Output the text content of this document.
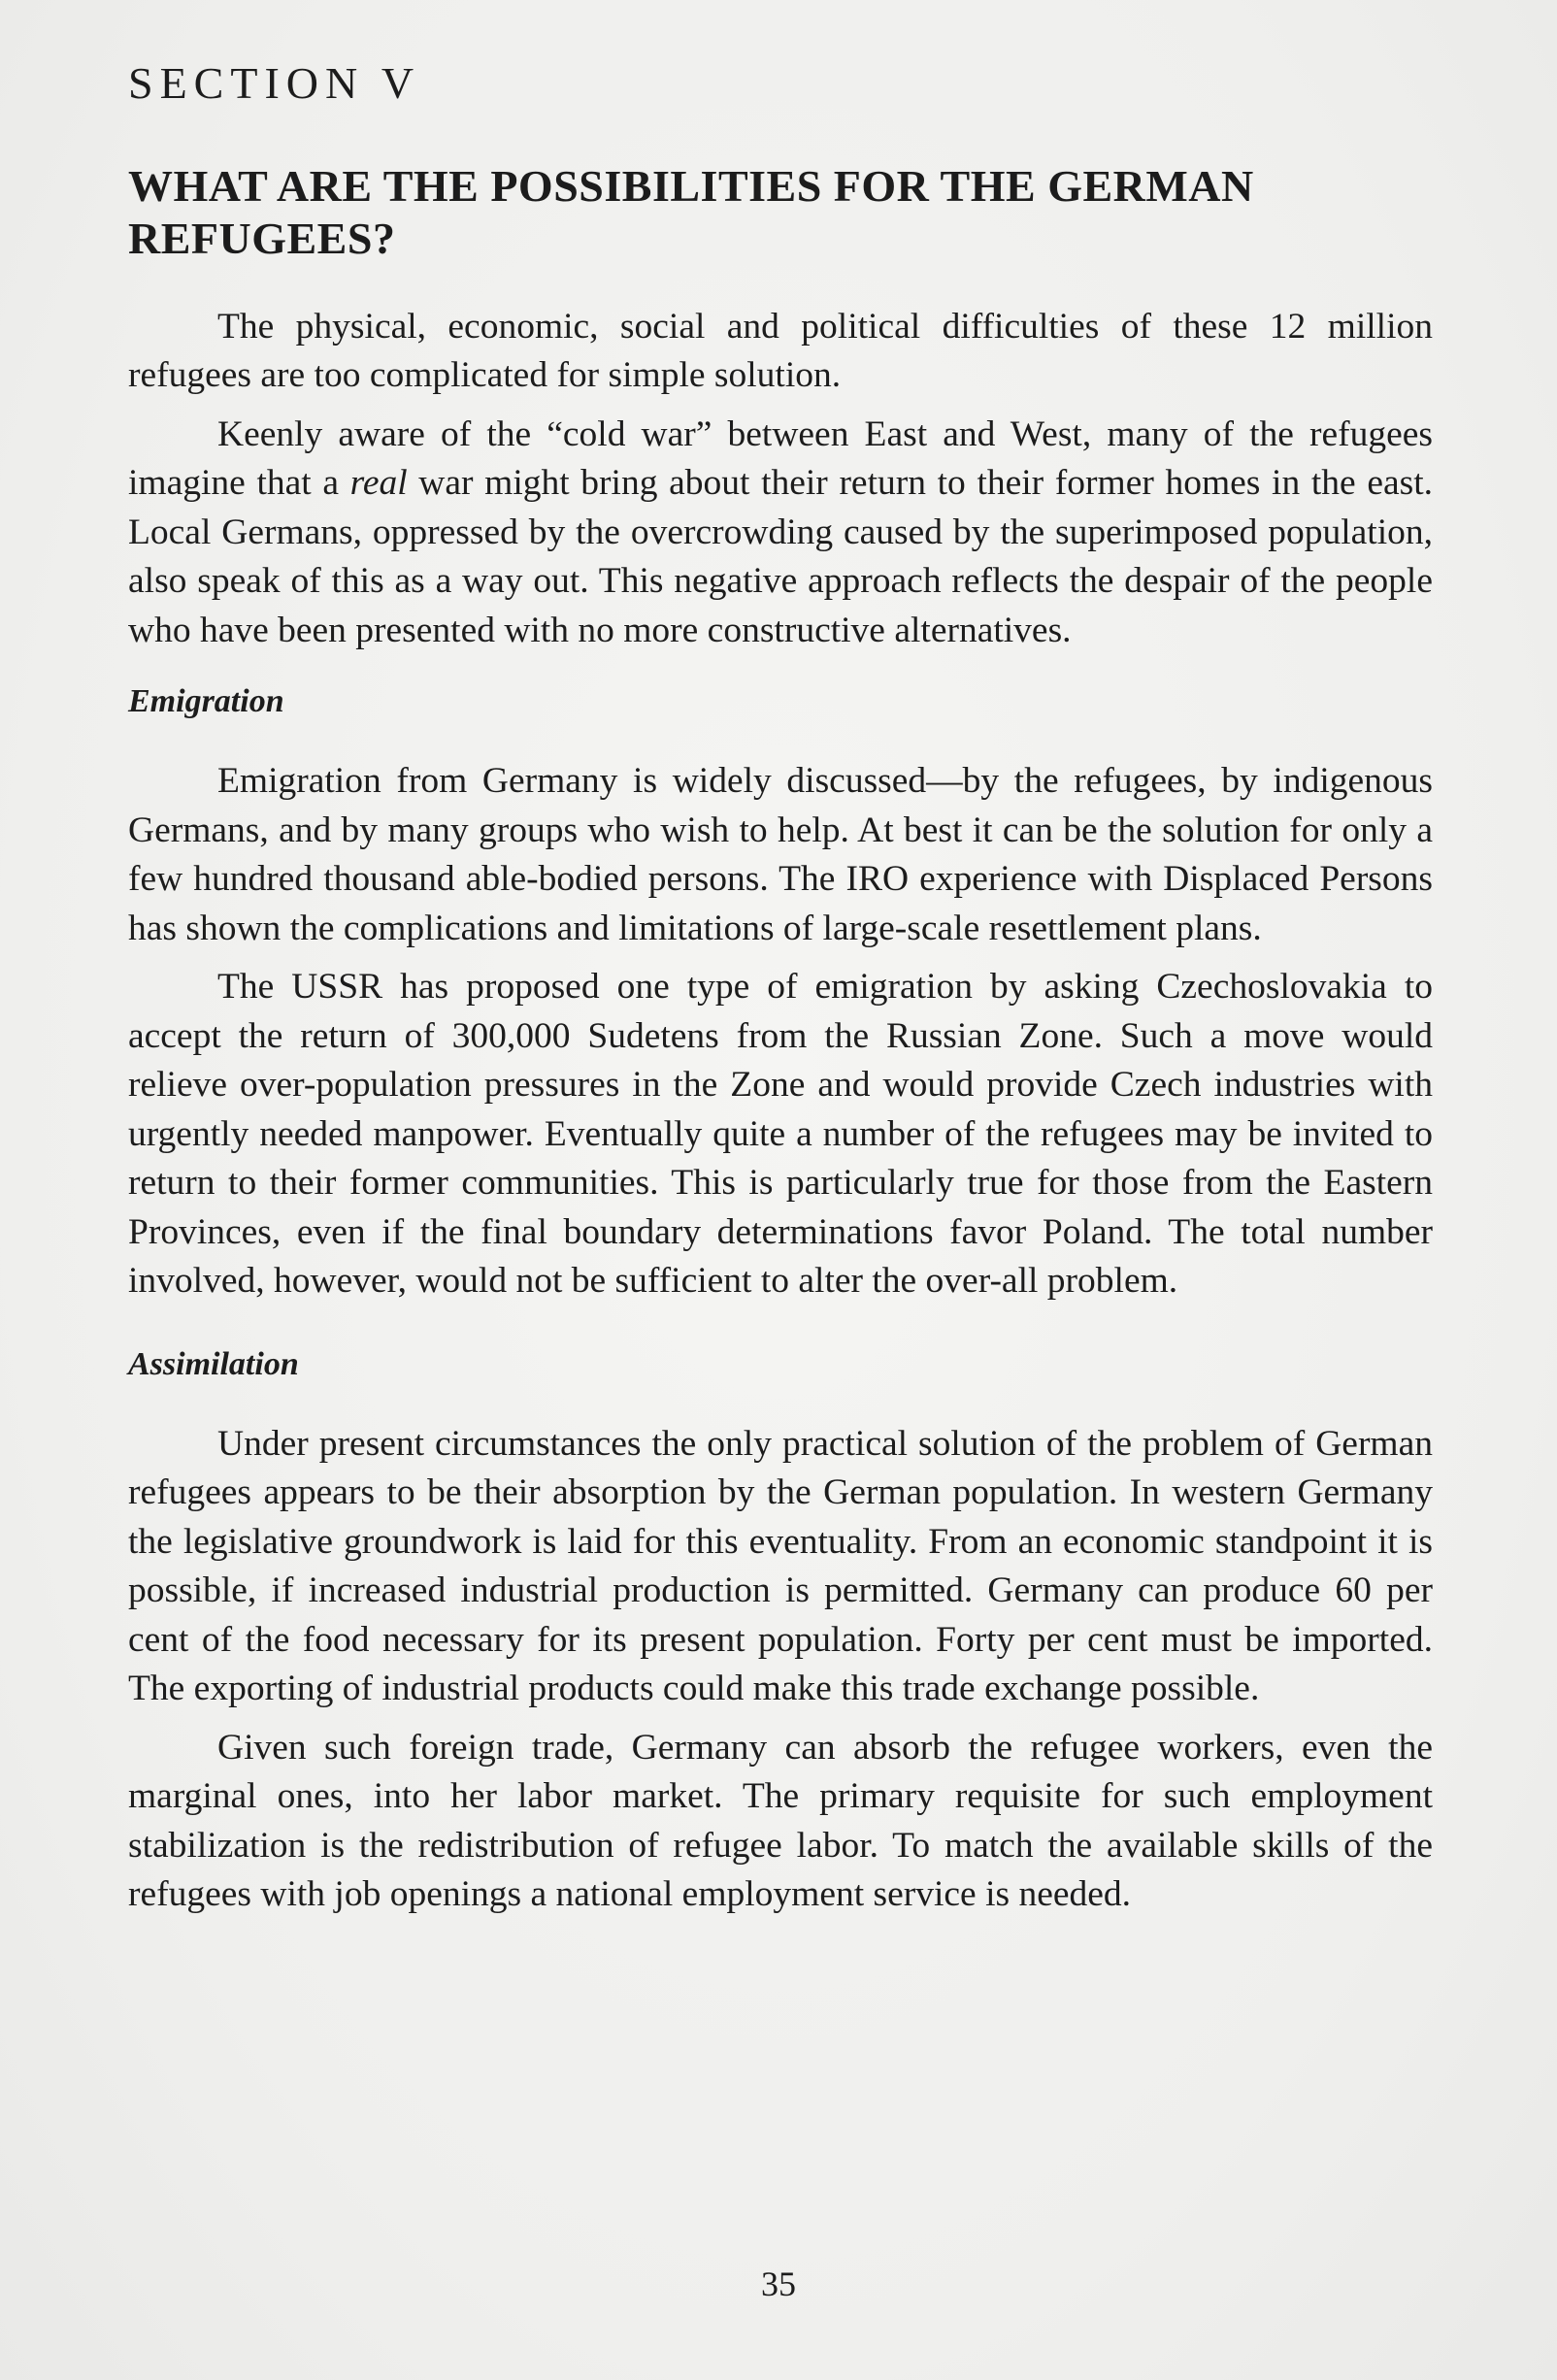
SECTION V
WHAT ARE THE POSSIBILITIES FOR THE GERMAN REFUGEES?

The physical, economic, social and political difficulties of these 12 million refugees are too complicated for simple solution.

Keenly aware of the “cold war” between East and West, many of the refugees imagine that a real war might bring about their return to their former homes in the east. Local Germans, oppressed by the overcrowding caused by the superimposed population, also speak of this as a way out. This negative approach reflects the despair of the people who have been presented with no more constructive alternatives.

Emigration

Emigration from Germany is widely discussed—by the refugees, by indigenous Germans, and by many groups who wish to help. At best it can be the solution for only a few hundred thousand able-bodied persons. The IRO experience with Displaced Persons has shown the complications and limitations of large-scale resettlement plans.

The USSR has proposed one type of emigration by asking Czechoslovakia to accept the return of 300,000 Sudetens from the Russian Zone. Such a move would relieve over-population pressures in the Zone and would provide Czech industries with urgently needed manpower. Eventually quite a number of the refugees may be invited to return to their former communities. This is particularly true for those from the Eastern Provinces, even if the final boundary determinations favor Poland. The total number involved, however, would not be sufficient to alter the over-all problem.

Assimilation

Under present circumstances the only practical solution of the problem of German refugees appears to be their absorption by the German population. In western Germany the legislative groundwork is laid for this eventuality. From an economic standpoint it is possible, if increased industrial production is permitted. Germany can produce 60 per cent of the food necessary for its present population. Forty per cent must be imported. The exporting of industrial products could make this trade exchange possible.

Given such foreign trade, Germany can absorb the refugee workers, even the marginal ones, into her labor market. The primary requisite for such employment stabilization is the redistribution of refugee labor. To match the available skills of the refugees with job openings a national employment service is needed.

35
